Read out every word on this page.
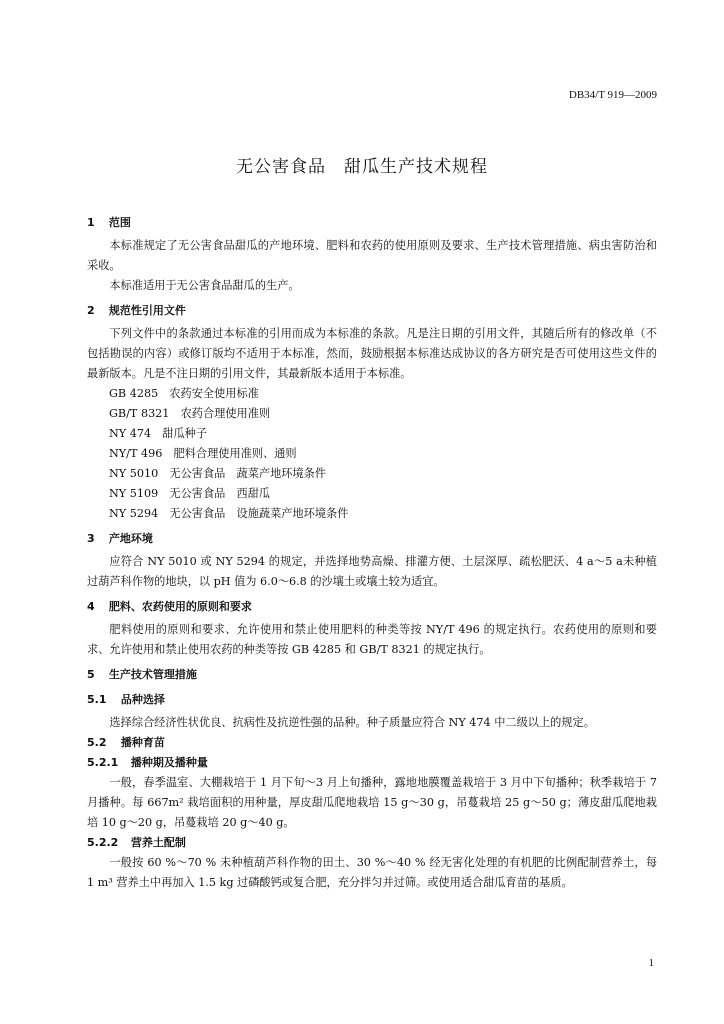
DB34/T 919—2009
无公害食品　甜瓜生产技术规程
1 范围

本标准规定了无公害食品甜瓜的产地环境、肥料和农药的使用原则及要求、生产技术管理措施、病虫害防治和采收。

本标准适用于无公害食品甜瓜的生产。

2 规范性引用文件

下列文件中的条款通过本标准的引用而成为本标准的条款。凡是注日期的引用文件，其随后所有的修改单（不包括勘误的内容）或修订版均不适用于本标准，然而，鼓励根据本标准达成协议的各方研究是否可使用这些文件的最新版本。凡是不注日期的引用文件，其最新版本适用于本标准。

GB 4285　农药安全使用标准
GB/T 8321　农药合理使用准则
NY 474　甜瓜种子
NY/T 496　肥料合理使用准则、通则
NY 5010　无公害食品　蔬菜产地环境条件
NY 5109　无公害食品　西甜瓜
NY 5294　无公害食品　设施蔬菜产地环境条件
3 产地环境

应符合 NY 5010 或 NY 5294 的规定，并选择地势高燥、排灌方便、土层深厚、疏松肥沃、4 a～5 a未种植过葫芦科作物的地块，以 pH 值为 6.0～6.8 的沙壤土或壤土较为适宜。

4 肥料、农药使用的原则和要求

肥料使用的原则和要求、允许使用和禁止使用肥料的种类等按 NY/T 496 的规定执行。农药使用的原则和要求、允许使用和禁止使用农药的种类等按 GB 4285 和 GB/T 8321 的规定执行。

5 生产技术管理措施
5.1 品种选择

选择综合经济性状优良、抗病性及抗逆性强的品种。种子质量应符合 NY 474 中二级以上的规定。

5.2 播种育苗
5.2.1 播种期及播种量

一般，春季温室、大棚栽培于 1 月下旬～3 月上旬播种，露地地膜覆盖栽培于 3 月中下旬播种；秋季栽培于 7 月播种。每 667m² 栽培面积的用种量，厚皮甜瓜爬地栽培 15 g～30 g，吊蔓栽培 25 g～50 g；薄皮甜瓜爬地栽培 10 g～20 g，吊蔓栽培 20 g～40 g。

5.2.2 营养土配制

一般按 60 %～70 % 未种植葫芦科作物的田土、30 %～40 % 经无害化处理的有机肥的比例配制营养土，每 1 m³ 营养土中再加入 1.5 kg 过磷酸钙或复合肥，充分拌匀并过筛。或使用适合甜瓜育苗的基质。

1
